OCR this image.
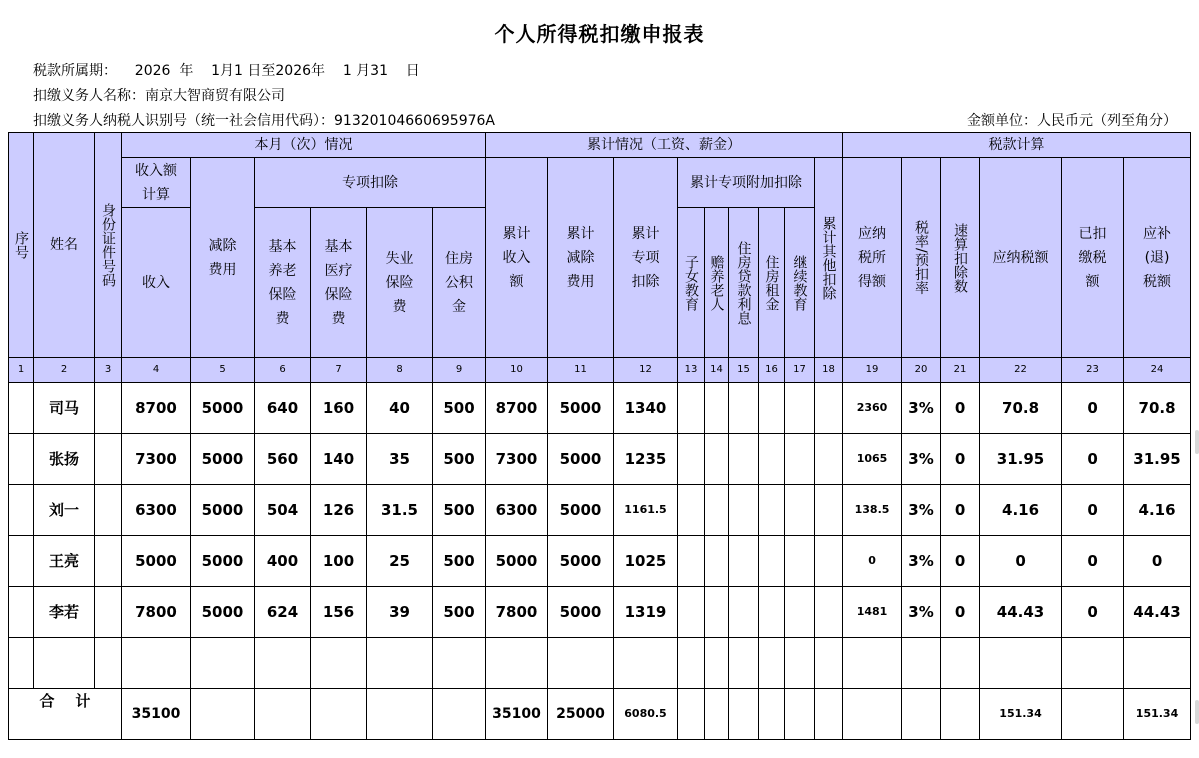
个人所得税扣缴申报表
税款所属期：    2026  年    1月1 日至2026年    1 月31    日
扣缴义务人名称：南京大智商贸有限公司
扣缴义务人纳税人识别号（统一社会信用代码）：91320104660695976A	金额单位：人民币元（列至角分）
序号	姓名	身份证件号码	本月（次）情况						累计情况（工资、薪金）									税款计算					
			收入额计算	减除费用	专项扣除				累计收入额	累计减除费用	累计专项扣除	累计专项附加扣除					累计其他扣除	应纳税所得额	税率/预扣率	速算扣除数	应纳税额	已扣缴税额	应补(退)税额
			收入		基本养老保险费	基本医疗保险费	失业保险费	住房公积金				子女教育	赡养老人	住房贷款利息	住房租金	继续教育							

1	2	3	4	5	6	7	8	9	10	11	12	13	14	15	16	17	18	19	20	21	22	23	24
	司马		8700	5000	640	160	40	500	8700	5000	1340							2360	3%	0	70.8	0	70.8
	张扬		7300	5000	560	140	35	500	7300	5000	1235							1065	3%	0	31.95	0	31.95
	刘一		6300	5000	504	126	31.5	500	6300	5000	1161.5							138.5	3%	0	4.16	0	4.16
	王亮		5000	5000	400	100	25	500	5000	5000	1025							0	3%	0	0	0	0
	李若		7800	5000	624	156	39	500	7800	5000	1319							1481	3%	0	44.43	0	44.43

合    计			35100						35100	25000	6080.5										151.34		151.34
